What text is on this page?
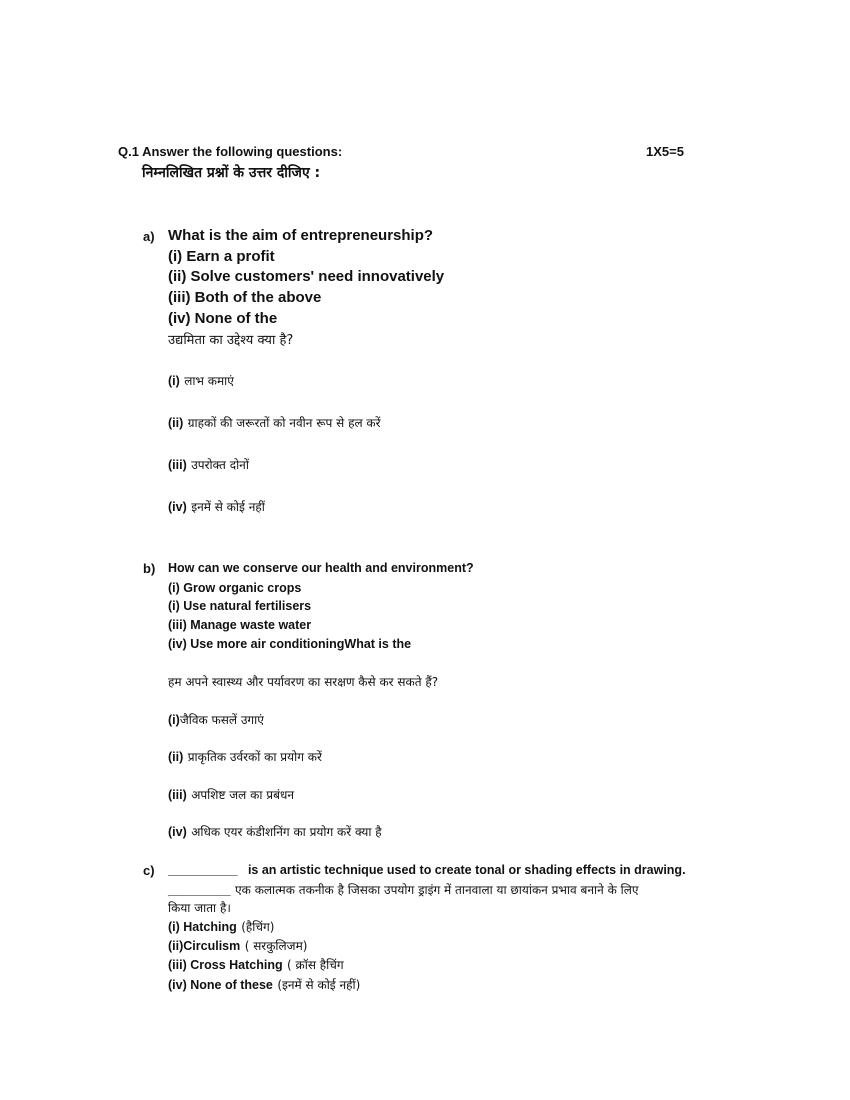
Q.1 Answer the following questions:	1X5=5
निम्नलिखित प्रश्नों के उत्तर दीजिए :
a) What is the aim of entrepreneurship?
(i) Earn a profit
(ii) Solve customers' need innovatively
(iii) Both of the above
(iv) None of the
उद्यमिता का उद्देश्य क्या है?
(i) लाभ कमाएं
(ii) ग्राहकों की जरूरतों को नवीन रूप से हल करें
(iii) उपरोक्त दोनों
(iv) इनमें से कोई नहीं
b) How can we conserve our health and environment?
(i) Grow organic crops
(i) Use natural fertilisers
(iii) Manage waste water
(iv) Use more air conditioningWhat is the
हम अपने स्वास्थ्य और पर्यावरण का सरक्षण कैसे कर सकते हैं?
(i)जैविक फसलें उगाएं
(ii) प्राकृतिक उर्वरकों का प्रयोग करें
(iii) अपशिष्ट जल का प्रबंधन
(iv) अधिक एयर कंडीशनिंग का प्रयोग करें क्या है
c) __________ is an artistic technique used to create tonal or shading effects in drawing.
_________ एक कलात्मक तकनीक है जिसका उपयोग ड्राइंग में तानवाला या छायांकन प्रभाव बनाने के लिए
किया जाता है।
(i) Hatching (हैचिंग)
(ii)Circulism ( सरकुलिजम)
(iii) Cross Hatching ( क्रॉस हैचिंग
(iv) None of these (इनमें से कोई नहीं)
